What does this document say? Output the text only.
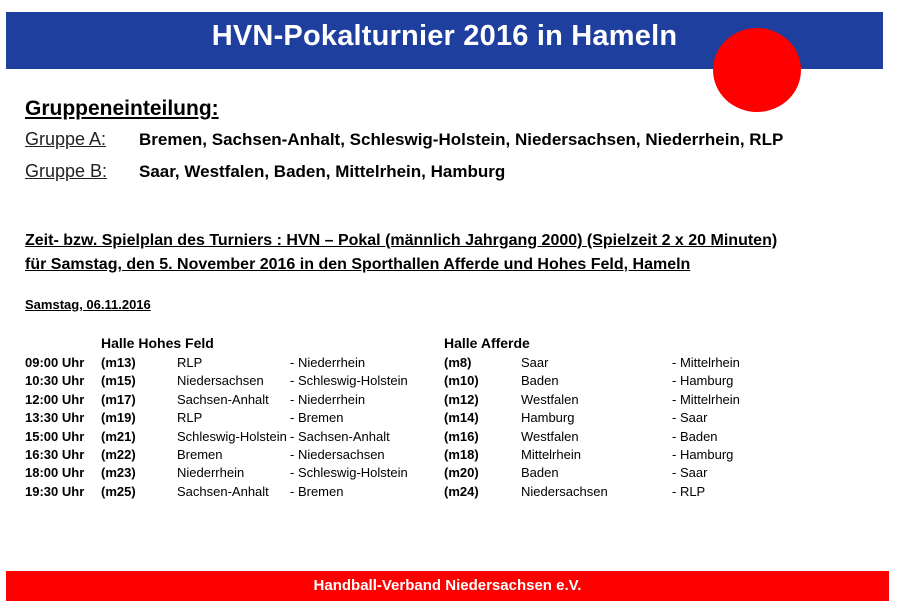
HVN-Pokalturnier 2016 in Hameln
Gruppeneinteilung:
Gruppe A: Bremen, Sachsen-Anhalt, Schleswig-Holstein, Niedersachsen, Niederrhein, RLP
Gruppe B: Saar, Westfalen, Baden, Mittelrhein, Hamburg
Zeit- bzw. Spielplan des Turniers : HVN – Pokal (männlich Jahrgang 2000) (Spielzeit 2 x 20 Minuten)
für Samstag, den 5. November 2016 in den Sporthallen Afferde und Hohes Feld, Hameln
Samstag, 06.11.2016
Halle Hohes Feld	Halle Afferde
09:00 Uhr (m13)	RLP	- Niederrhein	(m8)	Saar	- Mittelrhein
10:30 Uhr (m15)	Niedersachsen - Schleswig-Holstein	(m10)	Baden	- Hamburg
12:00 Uhr (m17)	Sachsen-Anhalt - Niederrhein	(m12)	Westfalen	- Mittelrhein
13:30 Uhr (m19)	RLP	- Bremen	(m14)	Hamburg	- Saar
15:00 Uhr (m21)	Schleswig-Holstein - Sachsen-Anhalt	(m16)	Westfalen	- Baden
16:30 Uhr (m22)	Bremen	- Niedersachsen	(m18)	Mittelrhein	- Hamburg
18:00 Uhr (m23)	Niederrhein	- Schleswig-Holstein	(m20)	Baden	- Saar
19:30 Uhr (m25)	Sachsen-Anhalt - Bremen	(m24)	Niedersachsen	- RLP
Handball-Verband Niedersachsen e.V.
